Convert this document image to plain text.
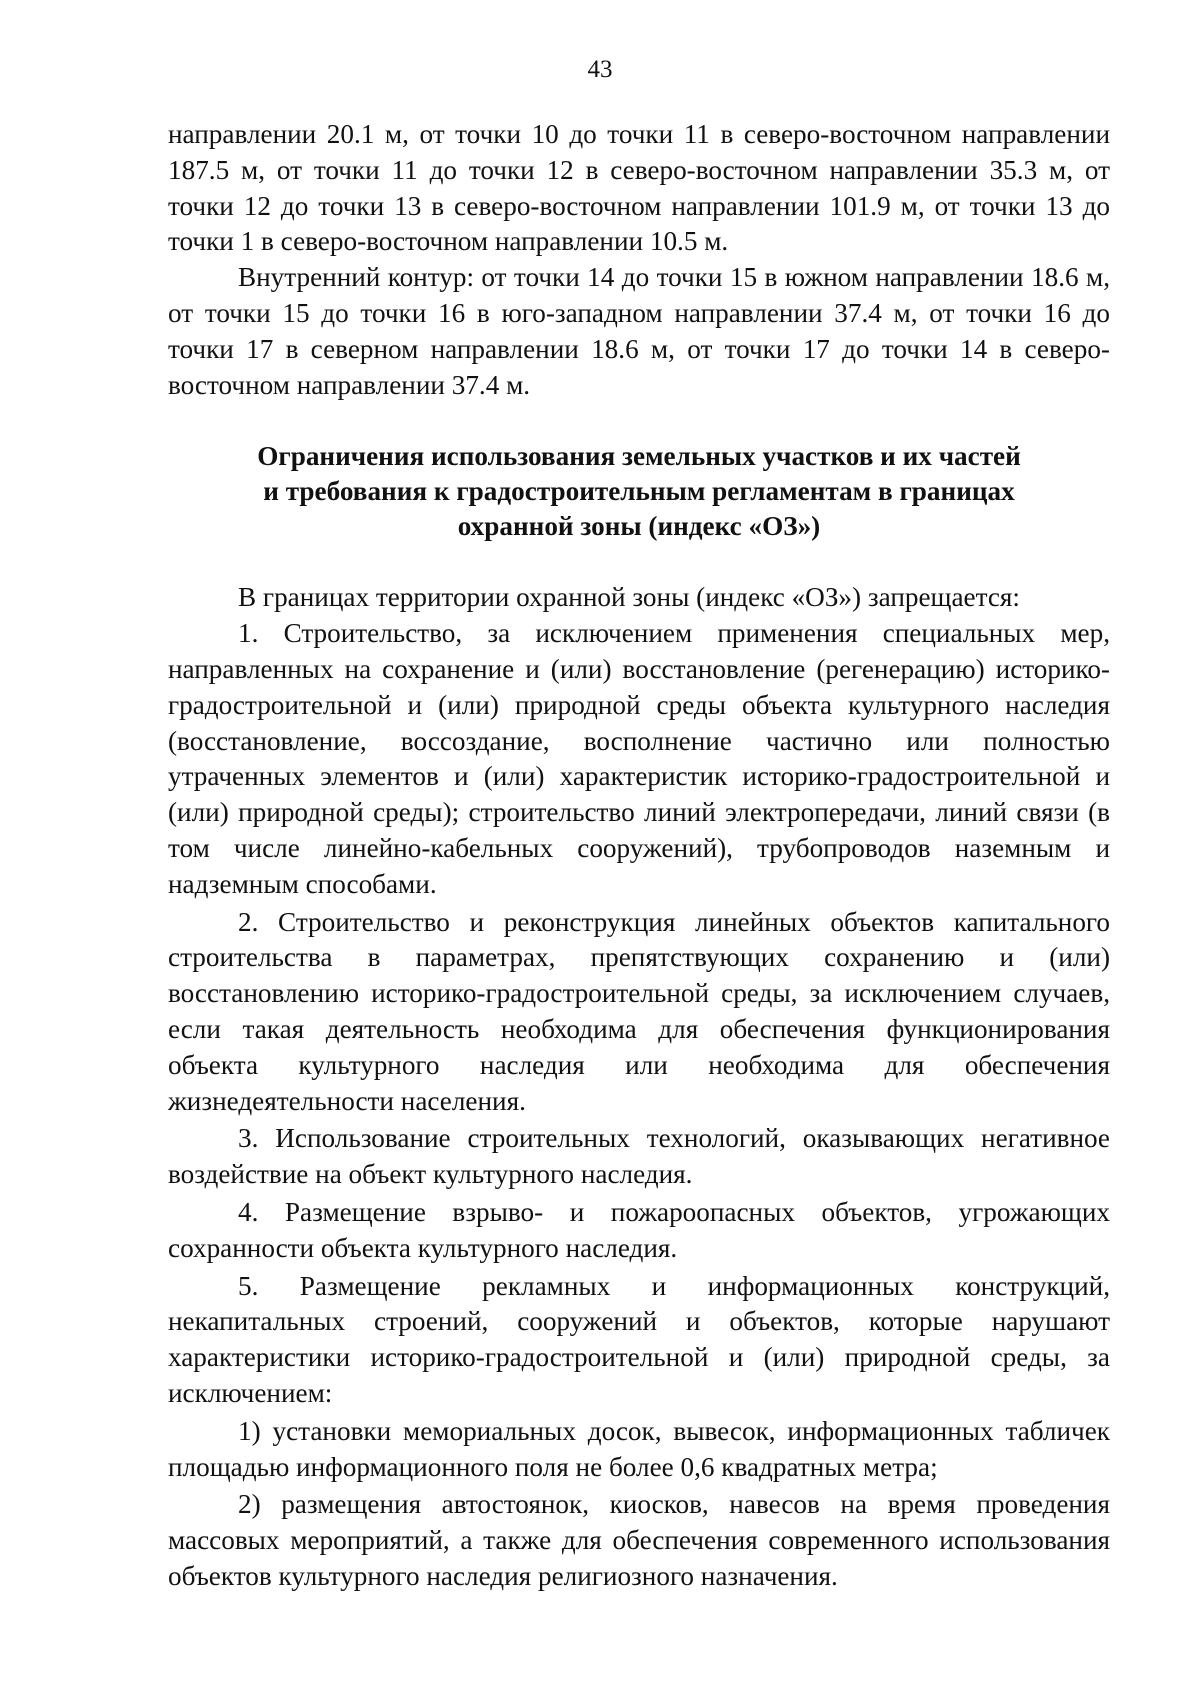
43

направлении 20.1 м, от точки 10 до точки 11 в северо-восточном направлении 187.5 м, от точки 11 до точки 12 в северо-восточном направлении 35.3 м, от точки 12 до точки 13 в северо-восточном направлении 101.9 м, от точки 13 до точки 1 в северо-восточном направлении 10.5 м.

Внутренний контур: от точки 14 до точки 15 в южном направлении 18.6 м, от точки 15 до точки 16 в юго-западном направлении 37.4 м, от точки 16 до точки 17 в северном направлении 18.6 м, от точки 17 до точки 14 в северо-восточном направлении 37.4 м.

Ограничения использования земельных участков и их частей
и требования к градостроительным регламентам в границах
охранной зоны (индекс «ОЗ»)

В границах территории охранной зоны (индекс «ОЗ») запрещается:

1. Строительство, за исключением применения специальных мер, направленных на сохранение и (или) восстановление (регенерацию) историко-градостроительной и (или) природной среды объекта культурного наследия (восстановление, воссоздание, восполнение частично или полностью утраченных элементов и (или) характеристик историко-градостроительной и (или) природной среды); строительство линий электропередачи, линий связи (в том числе линейно-кабельных сооружений), трубопроводов наземным и надземным способами.

2. Строительство и реконструкция линейных объектов капитального строительства в параметрах, препятствующих сохранению и (или) восстановлению историко-градостроительной среды, за исключением случаев, если такая деятельность необходима для обеспечения функционирования объекта культурного наследия или необходима для обеспечения жизнедеятельности населения.

3. Использование строительных технологий, оказывающих негативное воздействие на объект культурного наследия.

4. Размещение взрыво- и пожароопасных объектов, угрожающих сохранности объекта культурного наследия.

5. Размещение рекламных и информационных конструкций, некапитальных строений, сооружений и объектов, которые нарушают характеристики историко-градостроительной и (или) природной среды, за исключением:

1) установки мемориальных досок, вывесок, информационных табличек площадью информационного поля не более 0,6 квадратных метра;

2) размещения автостоянок, киосков, навесов на время проведения массовых мероприятий, а также для обеспечения современного использования объектов культурного наследия религиозного назначения.
